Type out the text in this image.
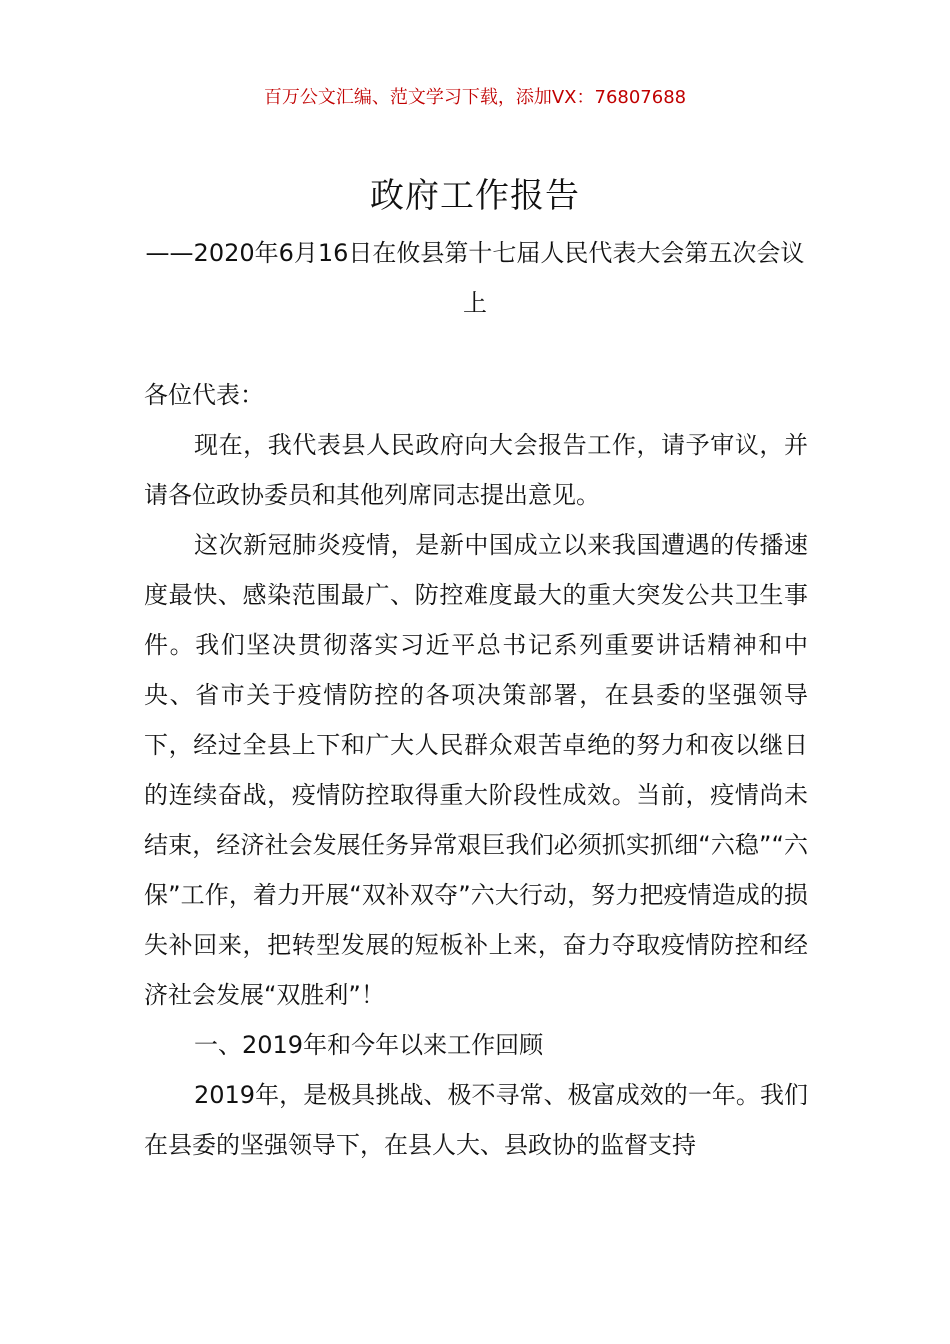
百万公文汇编、范文学习下载，添加VX：76807688
政府工作报告
——2020年6月16日在攸县第十七届人民代表大会第五次会议上

各位代表：

现在，我代表县人民政府向大会报告工作，请予审议，并请各位政协委员和其他列席同志提出意见。

这次新冠肺炎疫情，是新中国成立以来我国遭遇的传播速度最快、感染范围最广、防控难度最大的重大突发公共卫生事件。我们坚决贯彻落实习近平总书记系列重要讲话精神和中央、省市关于疫情防控的各项决策部署，在县委的坚强领导下，经过全县上下和广大人民群众艰苦卓绝的努力和夜以继日的连续奋战，疫情防控取得重大阶段性成效。当前，疫情尚未结束，经济社会发展任务异常艰巨我们必须抓实抓细“六稳”“六保”工作，着力开展“双补双夺”六大行动，努力把疫情造成的损失补回来，把转型发展的短板补上来，奋力夺取疫情防控和经济社会发展“双胜利”！

一、2019年和今年以来工作回顾

2019年，是极具挑战、极不寻常、极富成效的一年。我们在县委的坚强领导下，在县人大、县政协的监督支持
